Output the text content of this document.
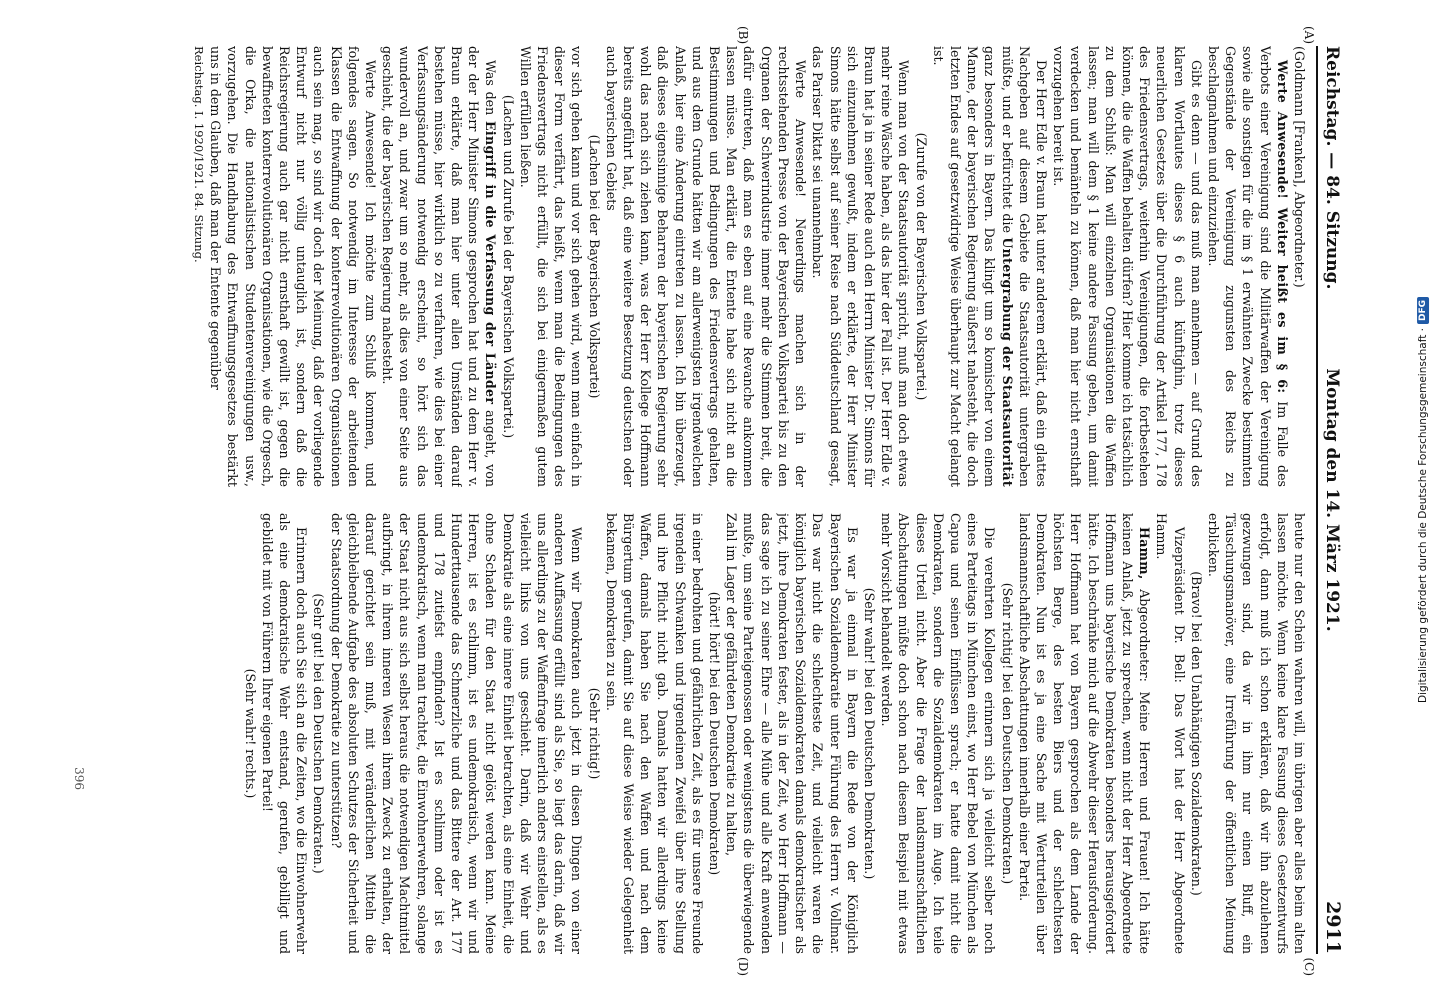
Digitalisierung gefördert durch die Deutsche Forschungsgemeinschaft ·
DFG
(A)
(B)
(C)
(D)
Reichstag. — 84. Sitzung.
Montag den 14. März 1921.
2911

(Goldmann [Franken], Abgeordneter.)

Werte Anwesende! Weiter heißt es im § 6: Im Falle des Verbots einer Vereinigung sind die Militärwaffen der Vereinigung sowie alle sonstigen für die im § 1 erwähnten Zwecke bestimmten Gegenstände der Vereinigung zugunsten des Reichs zu beschlagnahmen und einzuziehen.

Gibt es denn — und das muß man annehmen — auf Grund des klaren Wortlautes dieses § 6 auch künftighin, trotz dieses neuerlichen Gesetzes über die Durchführung der Artikel 177, 178 des Friedensvertrags, weiterhin Vereinigungen, die fortbestehen können, die die Waffen behalten dürfen? Hier komme ich tatsächlich zu dem Schluß: Man will einzelnen Organisationen die Waffen lassen; man will dem § 1 keine andere Fassung geben, um damit verdecken und bemänteln zu können, daß man hier nicht ernsthaft vorzugehen bereit ist.

Der Herr Edle v. Braun hat unter anderem erklärt, daß ein glattes Nachgeben auf diesem Gebiete die Staatsautorität untergraben müßte, und er befürchtet die Untergrabung der Staatsautorität ganz besonders in Bayern. Das klingt um so komischer von einem Manne, der der bayerischen Regierung äußerst nahesteht, die doch letzten Endes auf gesetzwidrige Weise überhaupt zur Macht gelangt ist.

(Zurufe von der Bayerischen Volkspartei.)

Wenn man von der Staatsautorität spricht, muß man doch etwas mehr reine Wäsche haben, als das hier der Fall ist. Der Herr Edle v. Braun hat ja in seiner Rede auch den Herrn Minister Dr. Simons für sich einzunehmen gewußt, indem er erklärte, der Herr Minister Simons hätte selbst auf seiner Reise nach Süddeutschland gesagt, das Pariser Diktat sei unannehmbar.

Werte Anwesende! Neuerdings machen sich in der rechtsstehenden Presse von der Bayerischen Volkspartei bis zu den Organen der Schwerindustrie immer mehr die Stimmen breit, die dafür eintreten, daß man es eben auf eine Revanche ankommen lassen müsse. Man erklärt, die Entente habe sich nicht an die Bestimmungen und Bedingungen des Friedensvertrags gehalten, und aus dem Grunde hätten wir am allerwenigsten irgendwelchen Anlaß, hier eine Änderung eintreten zu lassen. Ich bin überzeugt, daß dieses eigensinnige Beharren der bayerischen Regierung sehr wohl das nach sich ziehen kann, was der Herr Kollege Hoffmann bereits angeführt hat, daß eine weitere Besetzung deutschen oder auch bayerischen Gebiets

(Lachen bei der Bayerischen Volkspartei)

vor sich gehen kann und vor sich gehen wird, wenn man einfach in dieser Form verfährt, das heißt, wenn man die Bedingungen des Friedensvertrags nicht erfüllt, die sich bei einigermaßen gutem Willen erfüllen ließen.

(Lachen und Zurufe bei der Bayerischen Volkspartei.)

Was den Eingriff in die Verfassung der Länder angeht, von der der Herr Minister Simons gesprochen hat und zu dem Herr v. Braun erklärte, daß man hier unter allen Umständen darauf bestehen müsse, hier wirklich so zu verfahren, wie dies bei einer Verfassungsänderung notwendig erscheint, so hört sich das wundervoll an, und zwar um so mehr, als dies von einer Seite aus geschieht, die der bayerischen Regierung nahesteht.

Werte Anwesende! Ich möchte zum Schluß kommen, und folgendes sagen. So notwendig im Interesse der arbeitenden Klassen die Entwaffnung der konterrevolutionären Organisationen auch sein mag, so sind wir doch der Meinung, daß der vorliegende Entwurf nicht nur völlig untauglich ist, sondern daß die Reichsregierung auch gar nicht ernsthaft gewillt ist, gegen die bewaffneten konterrevolutionären Organisationen, wie die Orgesch, die Orka, die nationalistischen Studentenvereinigungen usw., vorzugehen. Die Handhabung des Entwaffnungsgesetzes bestärkt uns in dem Glauben, daß man der Entente gegenüber

Reichstag. I. 1920/1921. 84. Sitzung.

heute nur den Schein wahren will, im übrigen aber alles beim alten lassen möchte. Wenn keine klare Fassung dieses Gesetzentwurfs erfolgt, dann muß ich schon erklären, daß wir ihn abzulehnen gezwungen sind, da wir in ihm nur einen Bluff, ein Täuschungsmanöver, eine Irreführung der öffentlichen Meinung erblicken.

(Bravo! bei den Unabhängigen Sozialdemokraten.)

Vizepräsident Dr. Bell: Das Wort hat der Herr Abgeordnete Hamm.

Hamm, Abgeordneter: Meine Herren und Frauen! Ich hätte keinen Anlaß, jetzt zu sprechen, wenn nicht der Herr Abgeordnete Hoffmann uns bayerische Demokraten besonders herausgefordert hätte. Ich beschränke mich auf die Abwehr dieser Herausforderung. Herr Hoffmann hat von Bayern gesprochen als dem Lande der höchsten Berge, des besten Biers und der schlechtesten Demokraten. Nun ist es ja eine Sache mit Werturteilen über landsmannschaftliche Abschattungen innerhalb einer Partei.

(Sehr richtig! bei den Deutschen Demokraten.)

Die verehrten Kollegen erinnern sich ja vielleicht selber noch eines Parteitags in München einst, wo Herr Bebel von München als Capua und seinen Einflüssen sprach; er hatte damit nicht die Demokraten, sondern die Sozialdemokraten im Auge. Ich teile dieses Urteil nicht. Aber die Frage der landsmannschaftlichen Abschattungen müßte doch schon nach diesem Beispiel mit etwas mehr Vorsicht behandelt werden.

(Sehr wahr! bei den Deutschen Demokraten.)

Es war ja einmal in Bayern die Rede von der Königlich Bayerischen Sozialdemokratie unter Führung des Herrn v. Vollmar. Das war nicht die schlechteste Zeit, und vielleicht waren die königlich bayerischen Sozialdemokraten damals demokratischer als jetzt, ihre Demokraten fester, als in der Zeit, wo Herr Hoffmann — das sage ich zu seiner Ehre — alle Mühe und alle Kraft anwenden mußte, um seine Parteigenossen oder wenigstens die überwiegende Zahl im Lager der gefährdeten Demokratie zu halten,

(hört! hört! bei den Deutschen Demokraten)

in einer bedrohten und gefährlichen Zeit, als es für unsere Freunde irgendein Schwanken und irgendeinen Zweifel über ihre Stellung und ihre Pflicht nicht gab. Damals hatten wir allerdings keine Waffen, damals haben Sie nach den Waffen und nach dem Bürgertum gerufen, damit Sie auf diese Weise wieder Gelegenheit bekamen, Demokraten zu sein.

(Sehr richtig!)

Wenn wir Demokraten auch jetzt in diesen Dingen von einer anderen Auffassung erfüllt sind als Sie, so liegt das darin, daß wir uns allerdings zu der Waffenfrage innerlich anders einstellen, als es vielleicht links von uns geschieht. Darin, daß wir Wehr und Demokratie als eine innere Einheit betrachten, als eine Einheit, die ohne Schaden für den Staat nicht gelöst werden kann. Meine Herren, ist es schlimm, ist es undemokratisch, wenn wir und Hunderttausende das Schmerzliche und das Bittere der Art. 177 und 178 zutiefst empfinden? Ist es schlimm oder ist es undemokratisch, wenn man trachtet, die Einwohnerwehren, solange der Staat nicht aus sich selbst heraus die notwendigen Machtmittel aufbringt, in ihrem inneren Wesen ihrem Zweck zu erhalten, der darauf gerichtet sein muß, mit veränderlichen Mitteln die gleichbleibende Aufgabe des absoluten Schutzes der Sicherheit und der Staatsordnung der Demokratie zu unterstützen?

(Sehr gut! bei den Deutschen Demokraten.)

Erinnern doch auch Sie sich an die Zeiten, wo die Einwohnerwehr als eine demokratische Wehr entstand, gerufen, gebilligt und gebildet mit von Führern Ihrer eigenen Partei!

(Sehr wahr! rechts.)

396
